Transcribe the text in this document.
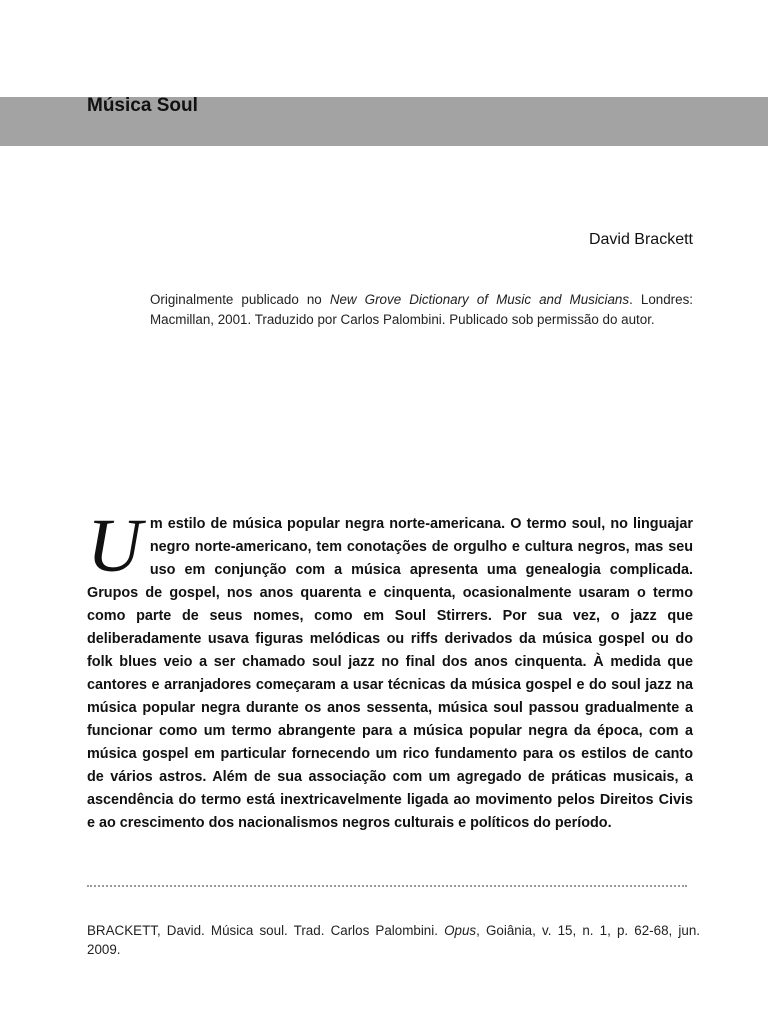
Música Soul
David Brackett

Originalmente publicado no New Grove Dictionary of Music and Musicians. Londres: Macmillan, 2001. Traduzido por Carlos Palombini. Publicado sob permissão do autor.

U m estilo de música popular negra norte-americana. O termo soul, no linguajar negro norte-americano, tem conotações de orgulho e cultura negros, mas seu uso em conjunção com a música apresenta uma genealogia complicada. Grupos de gospel, nos anos quarenta e cinquenta, ocasionalmente usaram o termo como parte de seus nomes, como em Soul Stirrers. Por sua vez, o jazz que deliberadamente usava figuras melódicas ou riffs derivados da música gospel ou do folk blues veio a ser chamado soul jazz no final dos anos cinquenta. À medida que cantores e arranjadores começaram a usar técnicas da música gospel e do soul jazz na música popular negra durante os anos sessenta, música soul passou gradualmente a funcionar como um termo abrangente para a música popular negra da época, com a música gospel em particular fornecendo um rico fundamento para os estilos de canto de vários astros. Além de sua associação com um agregado de práticas musicais, a ascendência do termo está inextricavelmente ligada ao movimento pelos Direitos Civis e ao crescimento dos nacionalismos negros culturais e políticos do período.

BRACKETT, David. Música soul. Trad. Carlos Palombini. Opus, Goiânia, v. 15, n. 1, p. 62-68, jun. 2009.
